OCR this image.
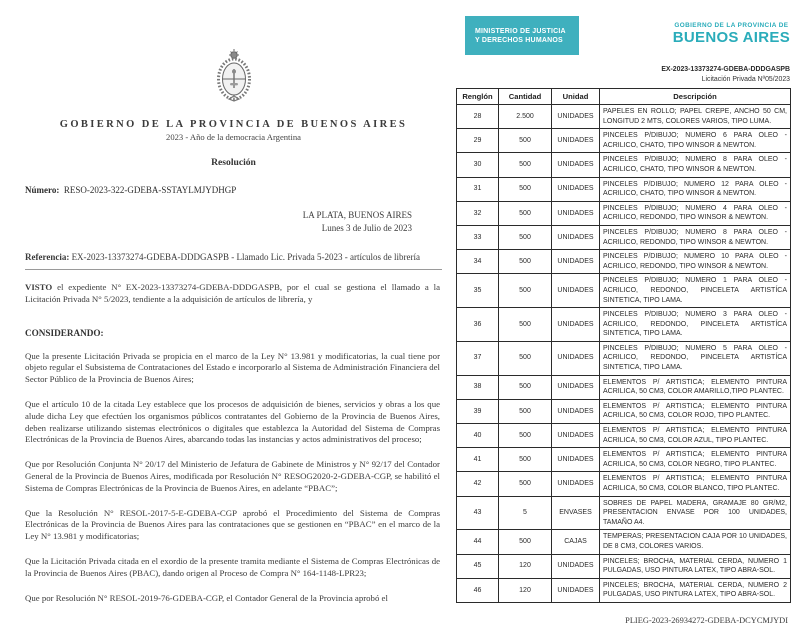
GOBIERNO DE LA PROVINCIA DE BUENOS AIRES
2023 - Año de la democracia Argentina
Resolución
Número: RESO-2023-322-GDEBA-SSTAYLMJYDHGP
LA PLATA, BUENOS AIRES
Lunes 3 de Julio de 2023
Referencia: EX-2023-13373274-GDEBA-DDDGASPB - Llamado Lic. Privada 5-2023 - artículos de librería

VISTO el expediente N° EX-2023-13373274-GDEBA-DDDGASPB, por el cual se gestiona el llamado a la Licitación Privada N° 5/2023, tendiente a la adquisición de artículos de librería, y

CONSIDERANDO:

Que la presente Licitación Privada se propicia en el marco de la Ley N° 13.981 y modificatorias, la cual tiene por objeto regular el Subsistema de Contrataciones del Estado e incorporarlo al Sistema de Administración Financiera del Sector Público de la Provincia de Buenos Aires;

Que el artículo 10 de la citada Ley establece que los procesos de adquisición de bienes, servicios y obras a los que alude dicha Ley que efectúen los organismos públicos contratantes del Gobierno de la Provincia de Buenos Aires, deben realizarse utilizando sistemas electrónicos o digitales que establezca la Autoridad del Sistema de Compras Electrónicas de la Provincia de Buenos Aires, abarcando todas las instancias y actos administrativos del proceso;

Que por Resolución Conjunta N° 20/17 del Ministerio de Jefatura de Gabinete de Ministros y N° 92/17 del Contador General de la Provincia de Buenos Aires, modificada por Resolución N° RESOG2020-2-GDEBA-CGP, se habilitó el Sistema de Compras Electrónicas de la Provincia de Buenos Aires, en adelante “PBAC”;

Que la Resolución N° RESOL-2017-5-E-GDEBA-CGP aprobó el Procedimiento del Sistema de Compras Electrónicas de la Provincia de Buenos Aires para las contrataciones que se gestionen en “PBAC” en el marco de la Ley N° 13.981 y modificatorias;

Que la Licitación Privada citada en el exordio de la presente tramita mediante el Sistema de Compras Electrónicas de la Provincia de Buenos Aires (PBAC), dando origen al Proceso de Compra N° 164-1148-LPR23;

Que por Resolución N° RESOL-2019-76-GDEBA-CGP, el Contador General de la Provincia aprobó el

MINISTERIO DE JUSTICIA Y DERECHOS HUMANOS
GOBIERNO DE LA PROVINCIA DE
BUENOS AIRES
EX-2023-13373274-GDEBA-DDDGASPB
Licitación Privada Nº05/2023
Renglón	Cantidad	Unidad	Descripción
28	2.500	UNIDADES	PAPELES EN ROLLO; PAPEL CREPE, ANCHO 50 CM, LONGITUD 2 MTS, COLORES VARIOS, TIPO LUMA.
29	500	UNIDADES	PINCELES P/DIBUJO; NUMERO 6 PARA OLEO - ACRILICO, CHATO, TIPO WINSOR & NEWTON.
30	500	UNIDADES	PINCELES P/DIBUJO; NUMERO 8 PARA OLEO - ACRILICO, CHATO, TIPO WINSOR & NEWTON.
31	500	UNIDADES	PINCELES P/DIBUJO; NUMERO 12 PARA OLEO - ACRILICO, CHATO, TIPO WINSOR & NEWTON.
32	500	UNIDADES	PINCELES P/DIBUJO; NUMERO 4 PARA OLEO - ACRILICO, REDONDO, TIPO WINSOR & NEWTON.
33	500	UNIDADES	PINCELES P/DIBUJO; NUMERO 8 PARA OLEO - ACRILICO, REDONDO, TIPO WINSOR & NEWTON.
34	500	UNIDADES	PINCELES P/DIBUJO; NUMERO 10 PARA OLEO - ACRILICO, REDONDO, TIPO WINSOR & NEWTON.
35	500	UNIDADES	PINCELES P/DIBUJO; NUMERO 1 PARA OLEO - ACRILICO, REDONDO, PINCELETA ARTISTÍCA SINTETICA, TIPO LAMA.
36	500	UNIDADES	PINCELES P/DIBUJO; NUMERO 3 PARA OLEO - ACRILICO, REDONDO, PINCELETA ARTISTÍCA SINTETICA, TIPO LAMA.
37	500	UNIDADES	PINCELES P/DIBUJO; NUMERO 5 PARA OLEO - ACRILICO, REDONDO, PINCELETA ARTISTÍCA SINTETICA, TIPO LAMA.
38	500	UNIDADES	ELEMENTOS P/ ARTISTICA; ELEMENTO PINTURA ACRILICA, 50 CM3, COLOR AMARILLO,TIPO PLANTEC.
39	500	UNIDADES	ELEMENTOS P/ ARTISTICA; ELEMENTO PINTURA ACRILICA, 50 CM3, COLOR ROJO, TIPO PLANTEC.
40	500	UNIDADES	ELEMENTOS P/ ARTISTICA; ELEMENTO PINTURA ACRILICA, 50 CM3, COLOR AZUL, TIPO PLANTEC.
41	500	UNIDADES	ELEMENTOS P/ ARTISTICA; ELEMENTO PINTURA ACRILICA, 50 CM3, COLOR NEGRO, TIPO PLANTEC.
42	500	UNIDADES	ELEMENTOS P/ ARTISTICA; ELEMENTO PINTURA ACRILICA, 50 CM3, COLOR BLANCO, TIPO PLANTEC.
43	5	ENVASES	SOBRES DE PAPEL MADERA, GRAMAJE 80 GR/M2, PRESENTACION ENVASE POR 100 UNIDADES, TAMAÑO A4.
44	500	CAJAS	TEMPERAS; PRESENTACION CAJA POR 10 UNIDADES, DE 8 CM3, COLORES VARIOS.
45	120	UNIDADES	PINCELES; BROCHA, MATERIAL CERDA, NUMERO 1 PULGADAS, USO PINTURA LATEX, TIPO ABRA-SOL.
46	120	UNIDADES	PINCELES; BROCHA, MATERIAL CERDA, NUMERO 2 PULGADAS, USO PINTURA LATEX, TIPO ABRA-SOL.
PLIEG-2023-26934272-GDEBA-DCYCMJYDI
